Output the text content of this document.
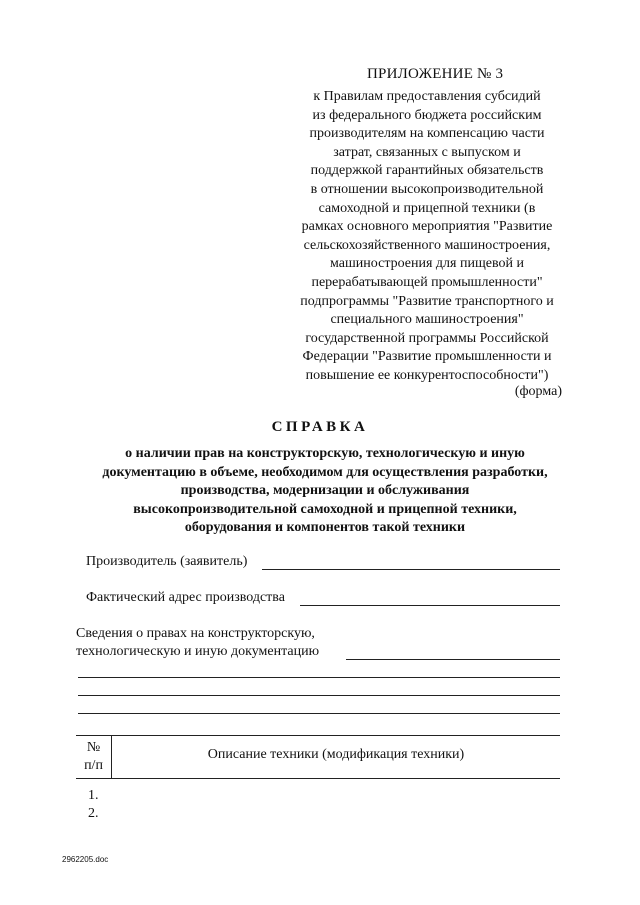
ПРИЛОЖЕНИЕ № 3
к Правилам предоставления субсидий
из федерального бюджета российским
производителям на компенсацию части
затрат, связанных с выпуском и
поддержкой гарантийных обязательств
в отношении высокопроизводительной
самоходной и прицепной техники (в
рамках основного мероприятия "Развитие
сельскохозяйственного машиностроения,
машиностроения для пищевой и
перерабатывающей промышленности"
подпрограммы "Развитие транспортного и
специального машиностроения"
государственной программы Российской
Федерации "Развитие промышленности и
повышение ее конкурентоспособности")
(форма)
СПРАВКА
о наличии прав на конструкторскую, технологическую и иную
документацию в объеме, необходимом для осуществления разработки,
производства, модернизации и обслуживания
высокопроизводительной самоходной и прицепной техники,
оборудования и компонентов такой техники
Производитель (заявитель)
Фактический адрес производства
Сведения о правах на конструкторскую,
технологическую и иную документацию
№
п/п
Описание техники (модификация техники)
1.
2.
2962205.doc
